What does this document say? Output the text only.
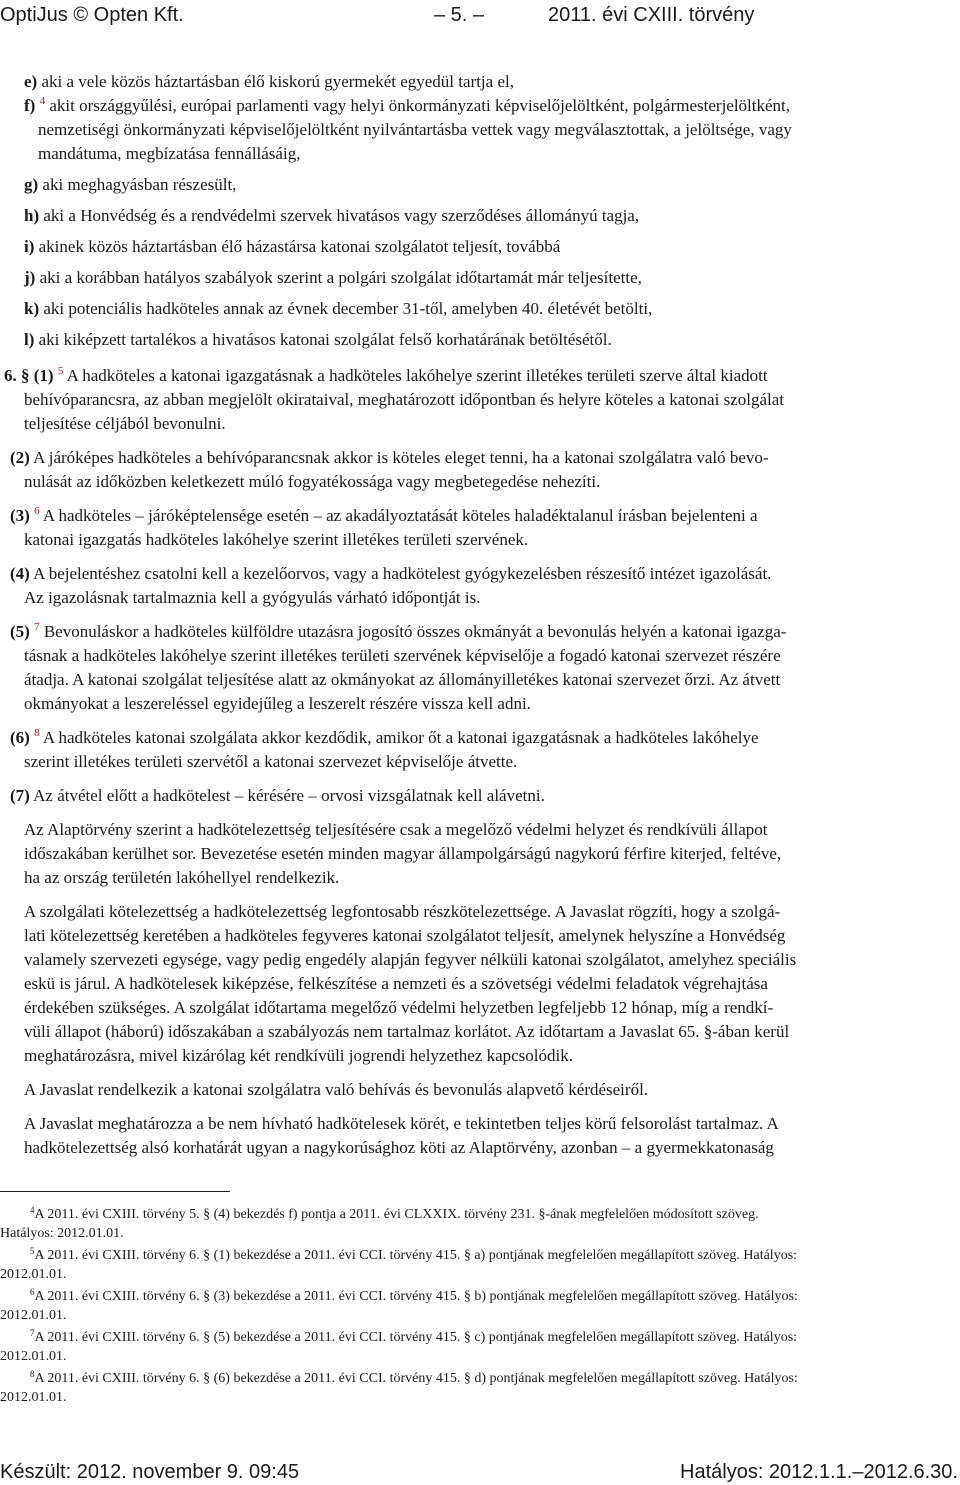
OptiJus © Opten Kft.	– 5. –	2011. évi CXIII. törvény
e) aki a vele közös háztartásban élő kiskorú gyermekét egyedül tartja el,
f) $^4$ akit országgyűlési, európai parlamenti vagy helyi önkormányzati képviselőjelöltként, polgármesterjelöltként,
nemzetiségi önkormányzati képviselőjelöltként nyilvántartásba vettek vagy megválasztottak, a jelöltsége, vagy
mandátuma, megbízatása fennállásáig,
g) aki meghagyásban részesült,
h) aki a Honvédség és a rendvédelmi szervek hivatásos vagy szerződéses állományú tagja,
i) akinek közös háztartásban élő házastársa katonai szolgálatot teljesít, továbbá
j) aki a korábban hatályos szabályok szerint a polgári szolgálat időtartamát már teljesítette,
k) aki potenciális hadköteles annak az évnek december 31-től, amelyben 40. életévét betölti,
l) aki kiképzett tartalékos a hivatásos katonai szolgálat felső korhatárának betöltésétől.
6. § (1) $^5$ A hadköteles a katonai igazgatásnak a hadköteles lakóhelye szerint illetékes területi szerve által kiadott
behívóparancsra, az abban megjelölt okirataival, meghatározott időpontban és helyre köteles a katonai szolgálat
teljesítése céljából bevonulni.
(2) A járóképes hadköteles a behívóparancsnak akkor is köteles eleget tenni, ha a katonai szolgálatra való bevo-
nulását az időközben keletkezett múló fogyatékossága vagy megbetegedése nehezíti.
(3) $^6$ A hadköteles – járóképtelensége esetén – az akadályoztatását köteles haladéktalanul írásban bejelenteni a
katonai igazgatás hadköteles lakóhelye szerint illetékes területi szervének.
(4) A bejelentéshez csatolni kell a kezelőorvos, vagy a hadkötelest gyógykezelésben részesítő intézet igazolását.
Az igazolásnak tartalmaznia kell a gyógyulás várható időpontját is.
(5) $^7$ Bevonuláskor a hadköteles külföldre utazásra jogosító összes okmányát a bevonulás helyén a katonai igazga-
tásnak a hadköteles lakóhelye szerint illetékes területi szervének képviselője a fogadó katonai szervezet részére
átadja. A katonai szolgálat teljesítése alatt az okmányokat az állományilletékes katonai szervezet őrzi. Az átvett
okmányokat a leszereléssel egyidejűleg a leszerelt részére vissza kell adni.
(6) $^8$ A hadköteles katonai szolgálata akkor kezdődik, amikor őt a katonai igazgatásnak a hadköteles lakóhelye
szerint illetékes területi szervétől a katonai szervezet képviselője átvette.
(7) Az átvétel előtt a hadkötelest – kérésére – orvosi vizsgálatnak kell alávetni.
Az Alaptörvény szerint a hadkötelezettség teljesítésére csak a megelőző védelmi helyzet és rendkívüli állapot
időszakában kerülhet sor. Bevezetése esetén minden magyar állampolgárságú nagykorú férfire kiterjed, feltéve,
ha az ország területén lakóhellyel rendelkezik.
A szolgálati kötelezettség a hadkötelezettség legfontosabb részkötelezettsége. A Javaslat rögzíti, hogy a szolgá-
lati kötelezettség keretében a hadköteles fegyveres katonai szolgálatot teljesít, amelynek helyszíne a Honvédség
valamely szervezeti egysége, vagy pedig engedély alapján fegyver nélküli katonai szolgálatot, amelyhez speciális
eskü is járul. A hadkötelesek kiképzése, felkészítése a nemzeti és a szövetségi védelmi feladatok végrehajtása
érdekében szükséges. A szolgálat időtartama megelőző védelmi helyzetben legfeljebb 12 hónap, míg a rendkí-
vüli állapot (háború) időszakában a szabályozás nem tartalmaz korlátot. Az időtartam a Javaslat 65. §-ában kerül
meghatározásra, mivel kizárólag két rendkívüli jogrendi helyzethez kapcsolódik.
A Javaslat rendelkezik a katonai szolgálatra való behívás és bevonulás alapvető kérdéseiről.
A Javaslat meghatározza a be nem hívható hadkötelesek körét, e tekintetben teljes körű felsorolást tartalmaz. A
hadkötelezettség alsó korhatárát ugyan a nagykorúsághoz köti az Alaptörvény, azonban – a gyermekkatonaság
$^4$A 2011. évi CXIII. törvény 5. § (4) bekezdés f) pontja a 2011. évi CLXXIX. törvény 231. §-ának megfelelően módosított szöveg.
Hatályos: 2012.01.01.
$^5$A 2011. évi CXIII. törvény 6. § (1) bekezdése a 2011. évi CCI. törvény 415. § a) pontjának megfelelően megállapított szöveg. Hatályos:
2012.01.01.
$^6$A 2011. évi CXIII. törvény 6. § (3) bekezdése a 2011. évi CCI. törvény 415. § b) pontjának megfelelően megállapított szöveg. Hatályos:
2012.01.01.
$^7$A 2011. évi CXIII. törvény 6. § (5) bekezdése a 2011. évi CCI. törvény 415. § c) pontjának megfelelően megállapított szöveg. Hatályos:
2012.01.01.
$^8$A 2011. évi CXIII. törvény 6. § (6) bekezdése a 2011. évi CCI. törvény 415. § d) pontjának megfelelően megállapított szöveg. Hatályos:
2012.01.01.
Készült: 2012. november 9. 09:45	Hatályos: 2012.1.1.–2012.6.30.
